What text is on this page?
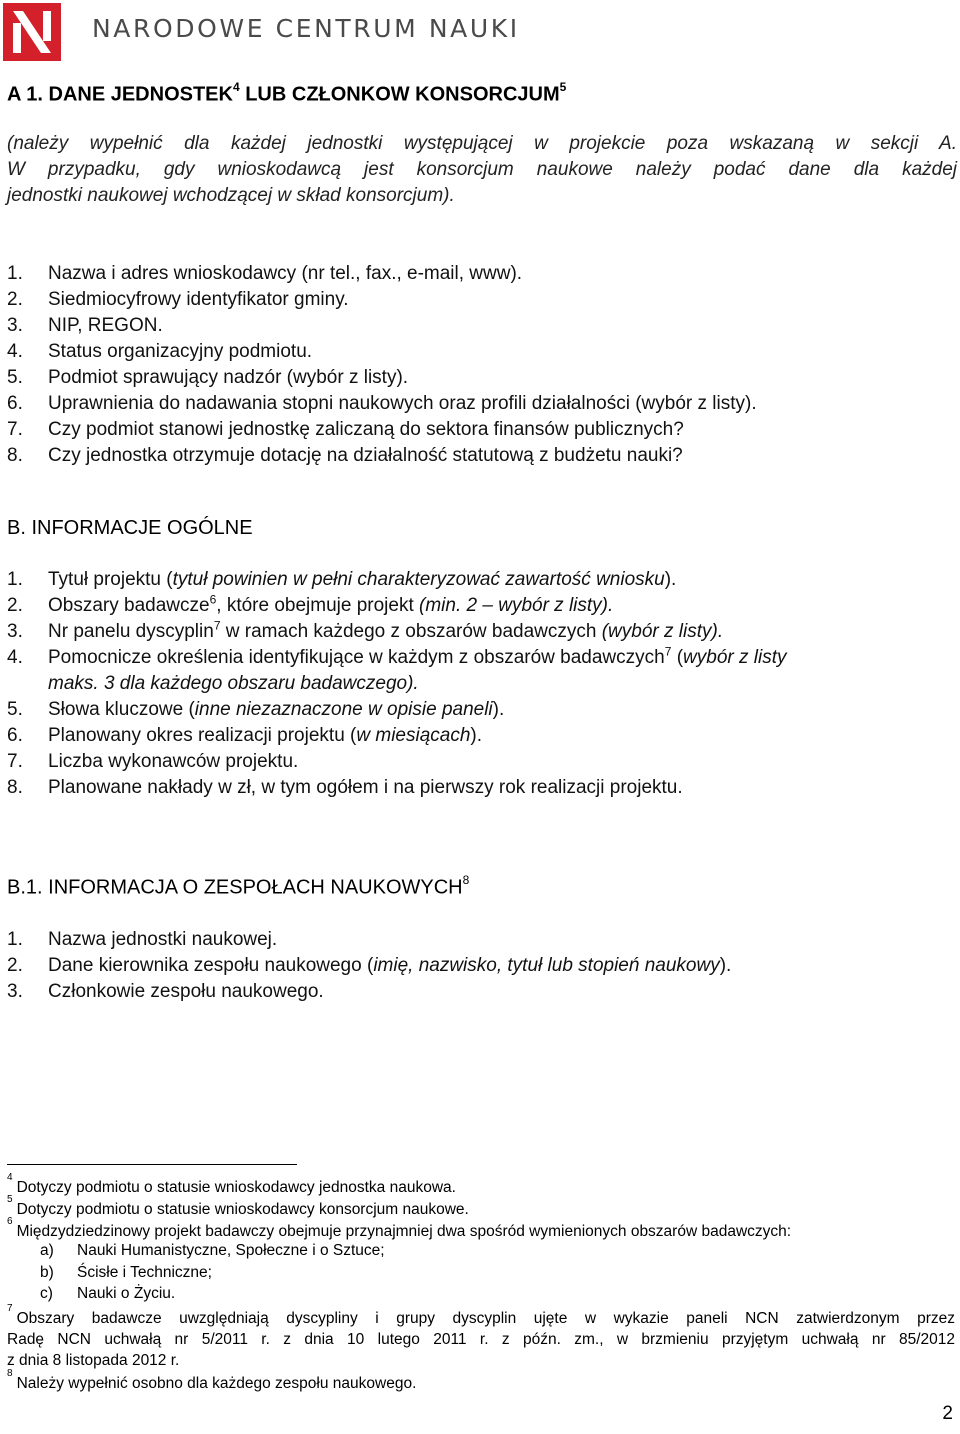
NARODOWE CENTRUM NAUKI
A 1. DANE JEDNOSTEK$^4$ LUB CZŁONKOW KONSORCJUM$^5$
(należy wypełnić dla każdej jednostki występującej w projekcie poza wskazaną w sekcji A.
W przypadku, gdy wnioskodawcą jest konsorcjum naukowe należy podać dane dla każdej
jednostki naukowej wchodzącej w skład konsorcjum).
1. Nazwa i adres wnioskodawcy (nr tel., fax., e-mail, www).
2. Siedmiocyfrowy identyfikator gminy.
3. NIP, REGON.
4. Status organizacyjny podmiotu.
5. Podmiot sprawujący nadzór (wybór z listy).
6. Uprawnienia do nadawania stopni naukowych oraz profili działalności (wybór z listy).
7. Czy podmiot stanowi jednostkę zaliczaną do sektora finansów publicznych?
8. Czy jednostka otrzymuje dotację na działalność statutową z budżetu nauki?
B. INFORMACJE OGÓLNE
1. Tytuł projektu (tytuł powinien w pełni charakteryzować zawartość wniosku).
2. Obszary badawcze$^6$, które obejmuje projekt (min. 2 – wybór z listy).
3. Nr panelu dyscyplin$^7$ w ramach każdego z obszarów badawczych (wybór z listy).
4. Pomocnicze określenia identyfikujące w każdym z obszarów badawczych$^7$ (wybór z listy
maks. 3 dla każdego obszaru badawczego).
5. Słowa kluczowe (inne niezaznaczone w opisie paneli).
6. Planowany okres realizacji projektu (w miesiącach).
7. Liczba wykonawców projektu.
8. Planowane nakłady w zł, w tym ogółem i na pierwszy rok realizacji projektu.
B.1. INFORMACJA O ZESPOŁACH NAUKOWYCH$^8$
1. Nazwa jednostki naukowej.
2. Dane kierownika zespołu naukowego (imię, nazwisko, tytuł lub stopień naukowy).
3. Członkowie zespołu naukowego.
$^4$Dotyczy podmiotu o statusie wnioskodawcy jednostka naukowa.
$^5$Dotyczy podmiotu o statusie wnioskodawcy konsorcjum naukowe.
$^6$Międzydziedzinowy projekt badawczy obejmuje przynajmniej dwa spośród wymienionych obszarów badawczych:
a) Nauki Humanistyczne, Społeczne i o Sztuce;
b) Ścisłe i Techniczne;
c) Nauki o Życiu.
$^7$Obszary badawcze uwzględniają dyscypliny i grupy dyscyplin ujęte w wykazie paneli NCN zatwierdzonym przez
Radę NCN uchwałą nr 5/2011 r. z dnia 10 lutego 2011 r. z późn. zm., w brzmieniu przyjętym uchwałą nr 85/2012
z dnia 8 listopada 2012 r.
$^8$Należy wypełnić osobno dla każdego zespołu naukowego.
2
